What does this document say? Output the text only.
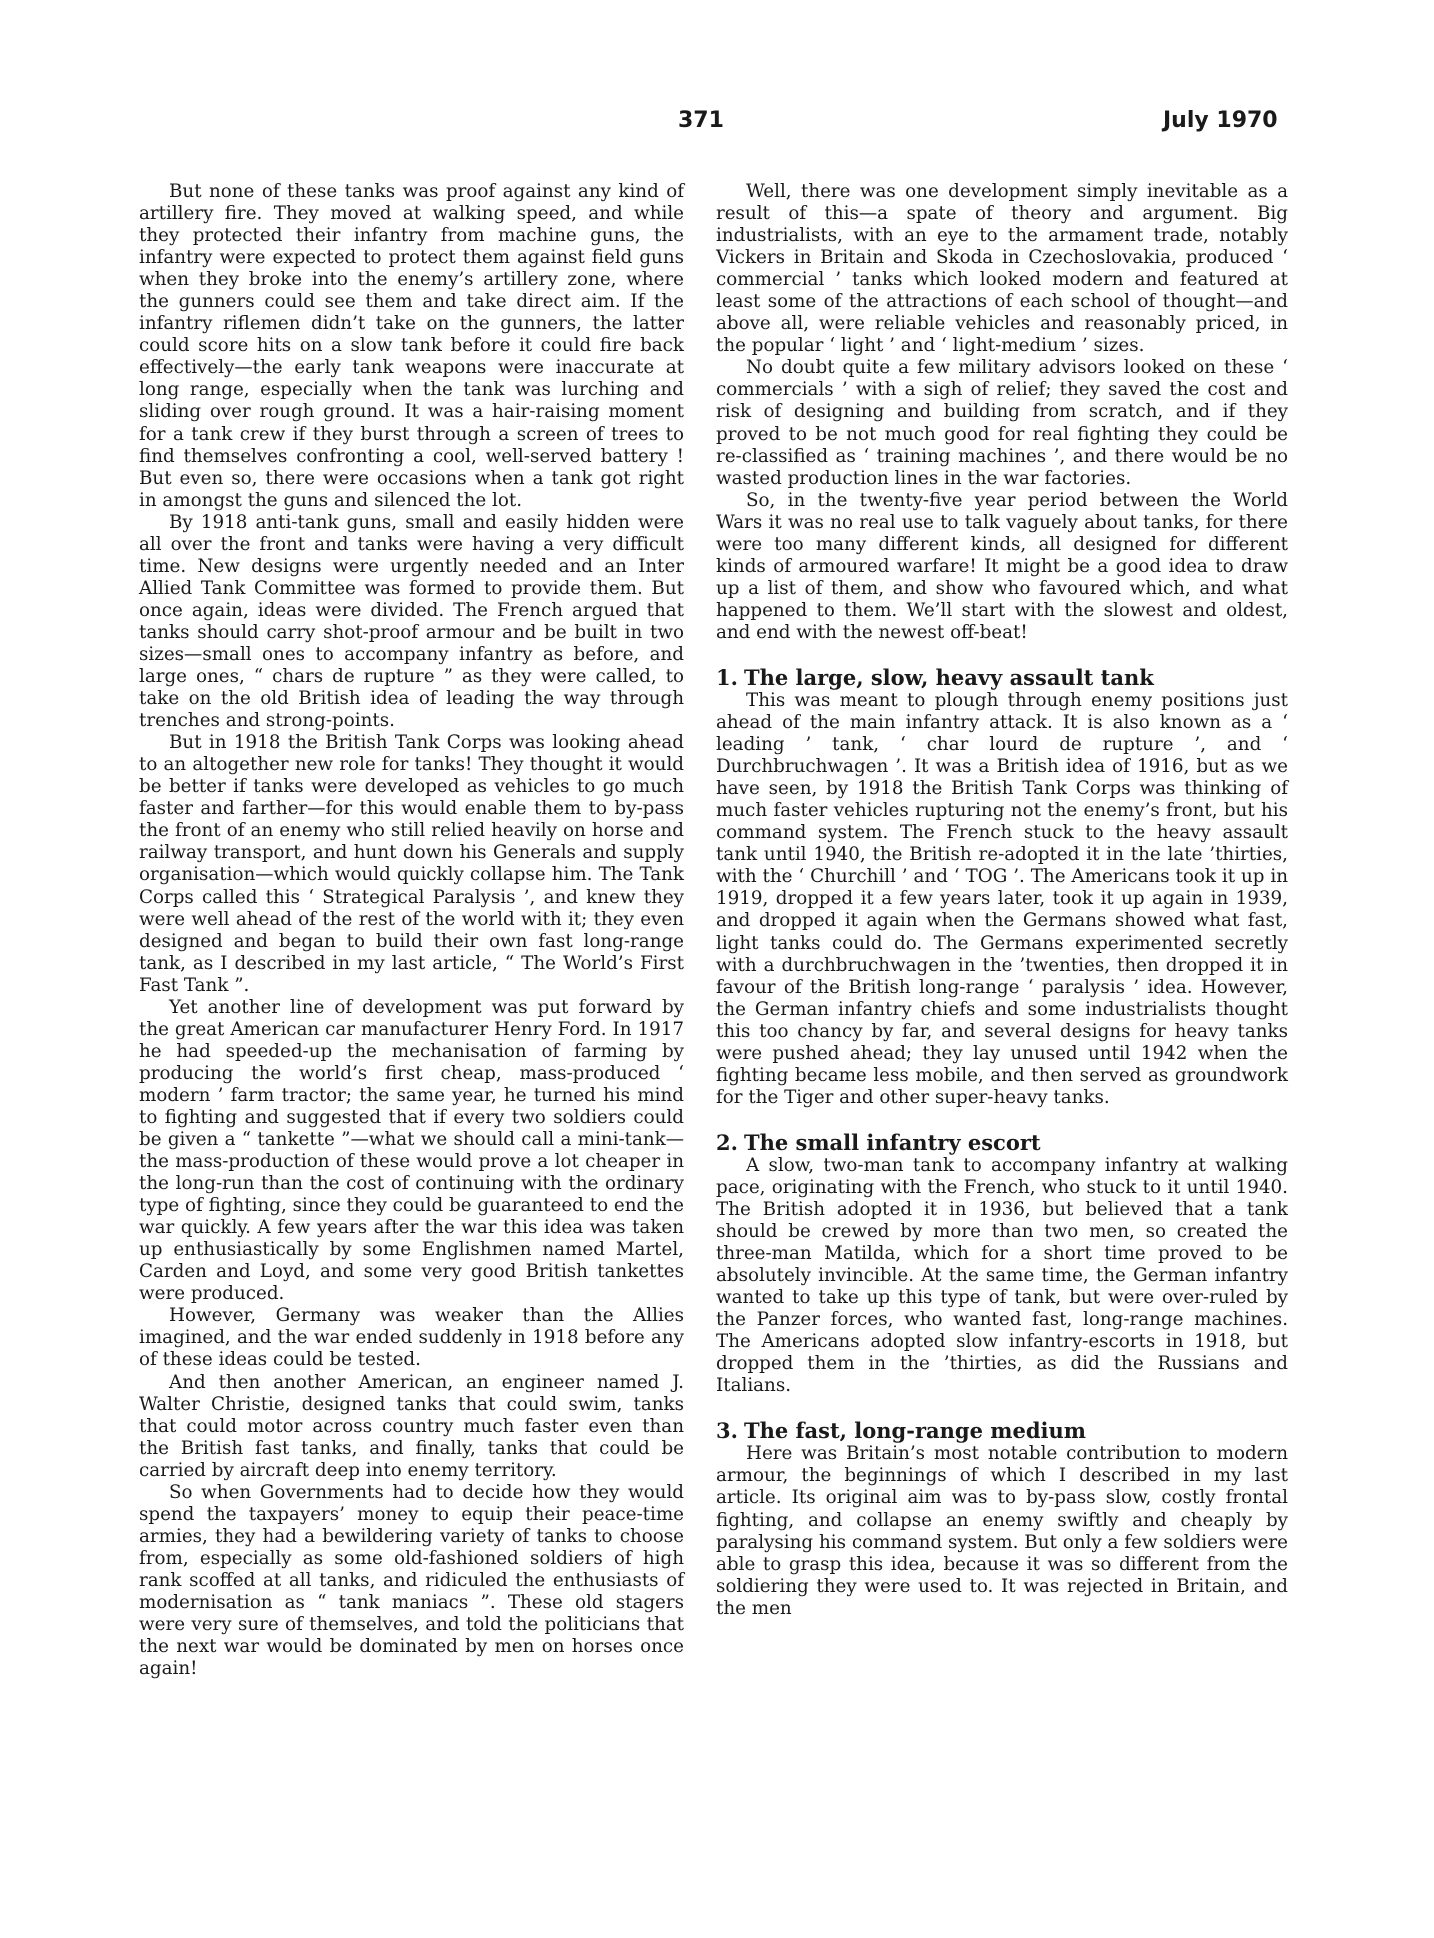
371	July 1970

But none of these tanks was proof against any kind of artillery fire. They moved at walking speed, and while they protected their infantry from machine guns, the infantry were expected to protect them against field guns when they broke into the enemy’s artillery zone, where the gunners could see them and take direct aim. If the infantry riflemen didn’t take on the gunners, the latter could score hits on a slow tank before it could fire back effectively—the early tank weapons were inaccurate at long range, especially when the tank was lurching and sliding over rough ground. It was a hair-raising moment for a tank crew if they burst through a screen of trees to find themselves confronting a cool, well-served battery ! But even so, there were occasions when a tank got right in amongst the guns and silenced the lot.

By 1918 anti-tank guns, small and easily hidden were all over the front and tanks were having a very difficult time. New designs were urgently needed and an Inter Allied Tank Committee was formed to provide them. But once again, ideas were divided. The French argued that tanks should carry shot-proof armour and be built in two sizes—small ones to accompany infantry as before, and large ones, “ chars de rupture ” as they were called, to take on the old British idea of leading the way through trenches and strong-points.

But in 1918 the British Tank Corps was looking ahead to an altogether new role for tanks! They thought it would be better if tanks were developed as vehicles to go much faster and farther—for this would enable them to by-pass the front of an enemy who still relied heavily on horse and railway transport, and hunt down his Generals and supply organisation—which would quickly collapse him. The Tank Corps called this ‘ Strategical Paralysis ’, and knew they were well ahead of the rest of the world with it; they even designed and began to build their own fast long-range tank, as I described in my last article, “ The World’s First Fast Tank ”.

Yet another line of development was put forward by the great American car manufacturer Henry Ford. In 1917 he had speeded-up the mechanisation of farming by producing the world’s first cheap, mass-produced ‘ modern ’ farm tractor; the same year, he turned his mind to fighting and suggested that if every two soldiers could be given a “ tankette ”—what we should call a mini-tank—the mass-production of these would prove a lot cheaper in the long-run than the cost of continuing with the ordinary type of fighting, since they could be guaranteed to end the war quickly. A few years after the war this idea was taken up enthusiastically by some Englishmen named Martel, Carden and Loyd, and some very good British tankettes were produced.

However, Germany was weaker than the Allies imagined, and the war ended suddenly in 1918 before any of these ideas could be tested.

And then another American, an engineer named J. Walter Christie, designed tanks that could swim, tanks that could motor across country much faster even than the British fast tanks, and finally, tanks that could be carried by aircraft deep into enemy territory.

So when Governments had to decide how they would spend the taxpayers’ money to equip their peace-time armies, they had a bewildering variety of tanks to choose from, especially as some old-fashioned soldiers of high rank scoffed at all tanks, and ridiculed the enthusiasts of modernisation as “ tank maniacs ”. These old stagers were very sure of themselves, and told the politicians that the next war would be dominated by men on horses once again!

Well, there was one development simply inevitable as a result of this—a spate of theory and argument. Big industrialists, with an eye to the armament trade, notably Vickers in Britain and Skoda in Czechoslovakia, produced ‘ commercial ’ tanks which looked modern and featured at least some of the attractions of each school of thought—and above all, were reliable vehicles and reasonably priced, in the popular ‘ light ’ and ‘ light-medium ’ sizes.

No doubt quite a few military advisors looked on these ‘ commercials ’ with a sigh of relief; they saved the cost and risk of designing and building from scratch, and if they proved to be not much good for real fighting they could be re-classified as ‘ training machines ’, and there would be no wasted production lines in the war factories.

So, in the twenty-five year period between the World Wars it was no real use to talk vaguely about tanks, for there were too many different kinds, all designed for different kinds of armoured warfare! It might be a good idea to draw up a list of them, and show who favoured which, and what happened to them. We’ll start with the slowest and oldest, and end with the newest off-beat!

1. The large, slow, heavy assault tank

This was meant to plough through enemy positions just ahead of the main infantry attack. It is also known as a ‘ leading ’ tank, ‘ char lourd de rupture ’, and ‘ Durchbruchwagen ’. It was a British idea of 1916, but as we have seen, by 1918 the British Tank Corps was thinking of much faster vehicles rupturing not the enemy’s front, but his command system. The French stuck to the heavy assault tank until 1940, the British re-adopted it in the late ’thirties, with the ‘ Churchill ’ and ‘ TOG ’. The Americans took it up in 1919, dropped it a few years later, took it up again in 1939, and dropped it again when the Germans showed what fast, light tanks could do. The Germans experimented secretly with a durchbruchwagen in the ’twenties, then dropped it in favour of the British long-range ‘ paralysis ’ idea. However, the German infantry chiefs and some industrialists thought this too chancy by far, and several designs for heavy tanks were pushed ahead; they lay unused until 1942 when the fighting became less mobile, and then served as groundwork for the Tiger and other super-heavy tanks.

2. The small infantry escort

A slow, two-man tank to accompany infantry at walking pace, originating with the French, who stuck to it until 1940. The British adopted it in 1936, but believed that a tank should be crewed by more than two men, so created the three-man Matilda, which for a short time proved to be absolutely invincible. At the same time, the German infantry wanted to take up this type of tank, but were over-ruled by the Panzer forces, who wanted fast, long-range machines. The Americans adopted slow infantry-escorts in 1918, but dropped them in the ’thirties, as did the Russians and Italians.

3. The fast, long-range medium

Here was Britain’s most notable contribution to modern armour, the beginnings of which I described in my last article. Its original aim was to by-pass slow, costly frontal fighting, and collapse an enemy swiftly and cheaply by paralysing his command system. But only a few soldiers were able to grasp this idea, because it was so different from the soldiering they were used to. It was rejected in Britain, and the men
